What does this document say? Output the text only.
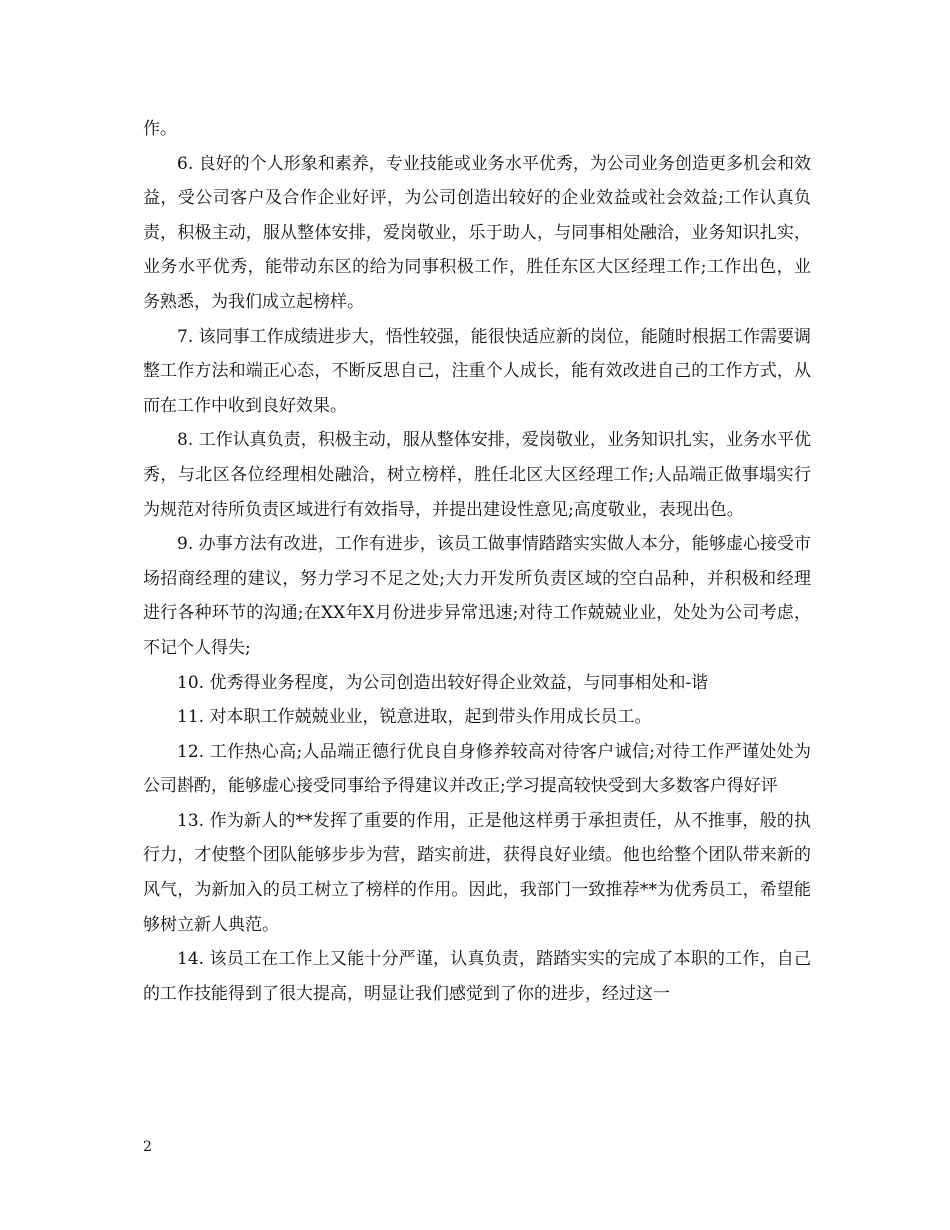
作。

6. 良好的个人形象和素养，专业技能或业务水平优秀，为公司业务创造更多机会和效益，受公司客户及合作企业好评，为公司创造出较好的企业效益或社会效益;工作认真负责，积极主动，服从整体安排，爱岗敬业，乐于助人，与同事相处融洽，业务知识扎实，业务水平优秀，能带动东区的给为同事积极工作，胜任东区大区经理工作;工作出色，业务熟悉，为我们成立起榜样。

7. 该同事工作成绩进步大，悟性较强，能很快适应新的岗位，能随时根据工作需要调整工作方法和端正心态，不断反思自己，注重个人成长，能有效改进自己的工作方式，从而在工作中收到良好效果。

8. 工作认真负责，积极主动，服从整体安排，爱岗敬业，业务知识扎实，业务水平优秀，与北区各位经理相处融洽，树立榜样，胜任北区大区经理工作;人品端正做事塌实行为规范对待所负责区域进行有效指导，并提出建设性意见;高度敬业，表现出色。

9. 办事方法有改进，工作有进步，该员工做事情踏踏实实做人本分，能够虚心接受市场招商经理的建议，努力学习不足之处;大力开发所负责区域的空白品种，并积极和经理进行各种环节的沟通;在XX年X月份进步异常迅速;对待工作兢兢业业，处处为公司考虑，不记个人得失;

10. 优秀得业务程度，为公司创造出较好得企业效益，与同事相处和-谐

11. 对本职工作兢兢业业，锐意进取，起到带头作用成长员工。

12. 工作热心高;人品端正德行优良自身修养较高对待客户诚信;对待工作严谨处处为公司斟酌，能够虚心接受同事给予得建议并改正;学习提高较快受到大多数客户得好评

13. 作为新人的**发挥了重要的作用，正是他这样勇于承担责任，从不推事，般的执行力，才使整个团队能够步步为营，踏实前进，获得良好业绩。他也给整个团队带来新的风气，为新加入的员工树立了榜样的作用。因此，我部门一致推荐**为优秀员工，希望能够树立新人典范。

14. 该员工在工作上又能十分严谨，认真负责，踏踏实实的完成了本职的工作，自己的工作技能得到了很大提高，明显让我们感觉到了你的进步，经过这一

2
